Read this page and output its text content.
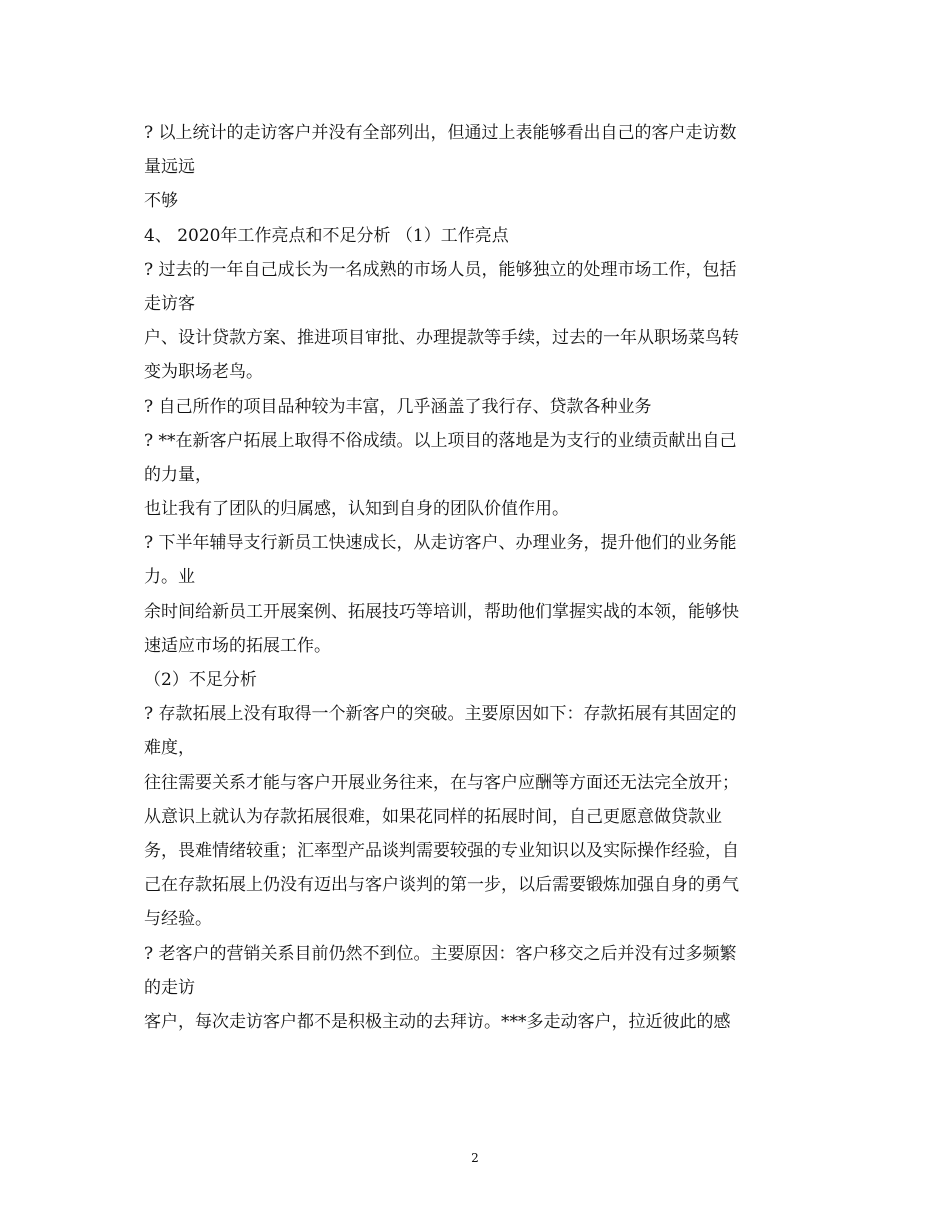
? 以上统计的走访客户并没有全部列出，但通过上表能够看出自己的客户走访数
量远远
不够
4、 2020年工作亮点和不足分析 （1）工作亮点
? 过去的一年自己成长为一名成熟的市场人员，能够独立的处理市场工作，包括
走访客
户、设计贷款方案、推进项目审批、办理提款等手续，过去的一年从职场菜鸟转
变为职场老鸟。
? 自己所作的项目品种较为丰富，几乎涵盖了我行存、贷款各种业务
? **在新客户拓展上取得不俗成绩。以上项目的落地是为支行的业绩贡献出自己
的力量，
也让我有了团队的归属感，认知到自身的团队价值作用。
? 下半年辅导支行新员工快速成长，从走访客户、办理业务，提升他们的业务能
力。业
余时间给新员工开展案例、拓展技巧等培训，帮助他们掌握实战的本领，能够快
速适应市场的拓展工作。
（2）不足分析
? 存款拓展上没有取得一个新客户的突破。主要原因如下：存款拓展有其固定的
难度，
往往需要关系才能与客户开展业务往来，在与客户应酬等方面还无法完全放开；
从意识上就认为存款拓展很难，如果花同样的拓展时间，自己更愿意做贷款业
务，畏难情绪较重；汇率型产品谈判需要较强的专业知识以及实际操作经验，自
己在存款拓展上仍没有迈出与客户谈判的第一步，以后需要锻炼加强自身的勇气
与经验。
? 老客户的营销关系目前仍然不到位。主要原因：客户移交之后并没有过多频繁
的走访
客户，每次走访客户都不是积极主动的去拜访。***多走动客户，拉近彼此的感
2
